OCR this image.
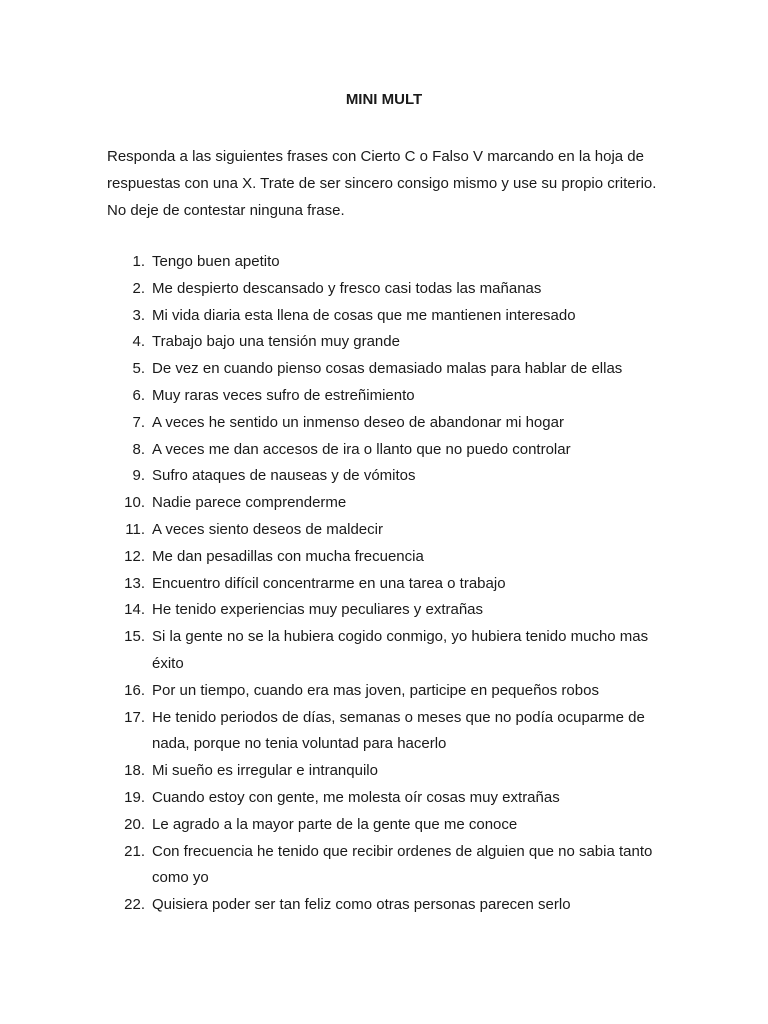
MINI MULT
Responda a las siguientes frases con Cierto C o Falso V marcando en la hoja de
respuestas con una X. Trate de ser sincero consigo mismo y use su propio criterio.
No deje de contestar ninguna frase.
1. Tengo buen apetito
2. Me despierto descansado y fresco casi todas las mañanas
3. Mi vida diaria esta llena de cosas que me mantienen interesado
4. Trabajo bajo una tensión muy grande
5. De vez en cuando pienso cosas demasiado malas para hablar de ellas
6. Muy raras veces sufro de estreñimiento
7. A veces he sentido un inmenso deseo de abandonar mi hogar
8. A veces me dan accesos de ira o llanto que no puedo controlar
9. Sufro ataques de nauseas y de vómitos
10. Nadie parece comprenderme
11. A veces siento deseos de maldecir
12. Me dan pesadillas con mucha frecuencia
13. Encuentro difícil concentrarme en una tarea o trabajo
14. He tenido experiencias muy peculiares y extrañas
15. Si la gente no se la hubiera cogido conmigo, yo hubiera tenido mucho mas
éxito
16. Por un tiempo, cuando era mas joven, participe en pequeños robos
17. He tenido periodos de días, semanas o meses que no podía ocuparme de
nada, porque no tenia voluntad para hacerlo
18. Mi sueño es irregular e intranquilo
19. Cuando estoy con gente, me molesta oír cosas muy extrañas
20. Le agrado a la mayor parte de la gente que me conoce
21. Con frecuencia he tenido que recibir ordenes de alguien que no sabia tanto
como yo
22. Quisiera poder ser tan feliz como otras personas parecen serlo
